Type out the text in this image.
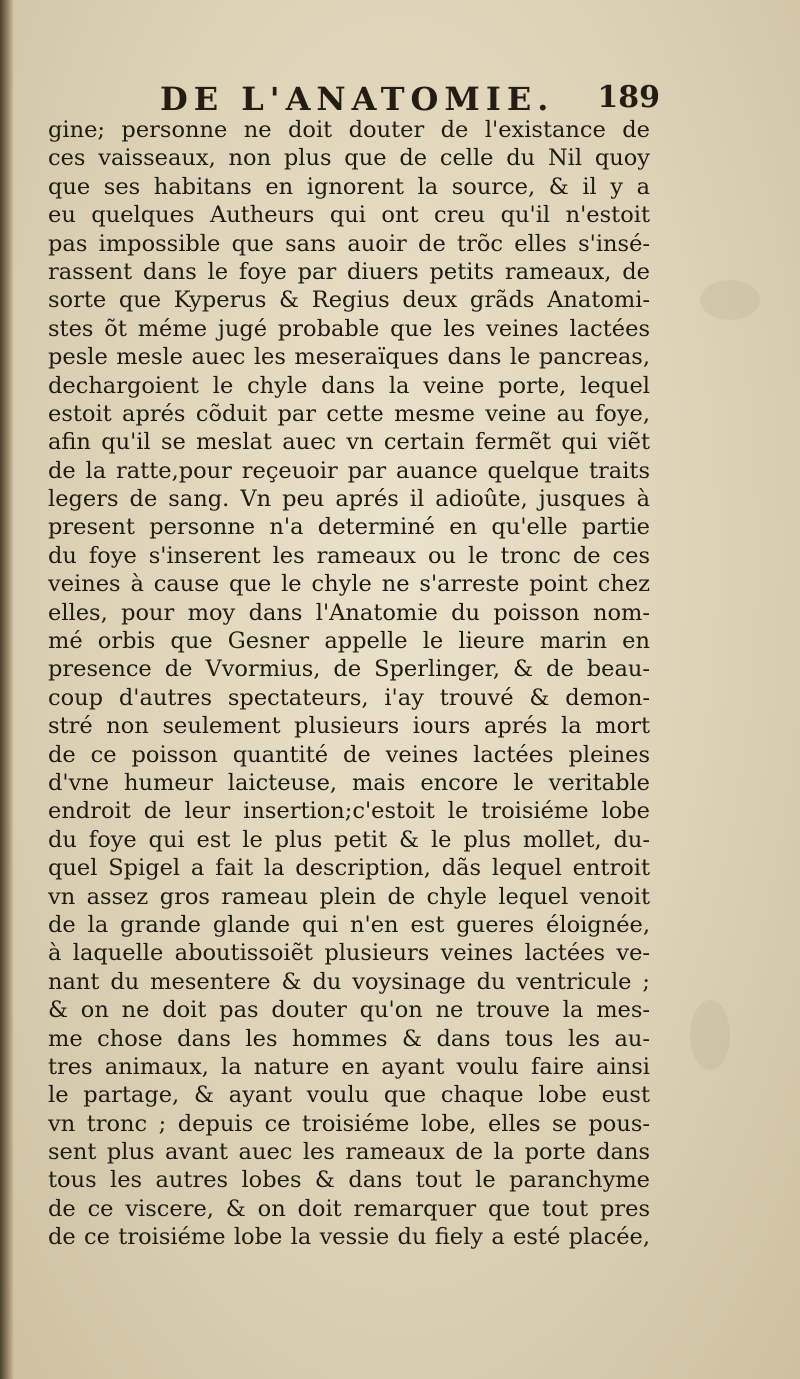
DE L'ANATOMIE. 189
gine; personne ne doit douter de l'existance de
ces vaisseaux, non plus que de celle du Nil quoy
que ses habitans en ignorent la source, & il y a
eu quelques Autheurs qui ont creu qu'il n'estoit
pas impossible que sans auoir de trõc elles s'insé-
rassent dans le foye par diuers petits rameaux, de
sorte que Kyperus & Regius deux grãds Anatomi-
stes õt méme jugé probable que les veines lactées
pesle mesle auec les meseraïques dans le pancreas,
dechargoient le chyle dans la veine porte, lequel
estoit aprés cõduit par cette mesme veine au foye,
afin qu'il se meslat auec vn certain fermẽt qui viẽt
de la ratte,pour reçeuoir par auance quelque traits
legers de sang. Vn peu aprés il adioûte, jusques à
present personne n'a determiné en qu'elle partie
du foye s'inserent les rameaux ou le tronc de ces
veines à cause que le chyle ne s'arreste point chez
elles, pour moy dans l'Anatomie du poisson nom-
mé orbis que Gesner appelle le lieure marin en
presence de Vvormius, de Sperlinger, & de beau-
coup d'autres spectateurs, i'ay trouvé & demon-
stré non seulement plusieurs iours aprés la mort
de ce poisson quantité de veines lactées pleines
d'vne humeur laicteuse, mais encore le veritable
endroit de leur insertion;c'estoit le troisiéme lobe
du foye qui est le plus petit & le plus mollet, du-
quel Spigel a fait la description, dãs lequel entroit
vn assez gros rameau plein de chyle lequel venoit
de la grande glande qui n'en est gueres éloignée,
à laquelle aboutissoiẽt plusieurs veines lactées ve-
nant du mesentere & du voysinage du ventricule ;
& on ne doit pas douter qu'on ne trouve la mes-
me chose dans les hommes & dans tous les au-
tres animaux, la nature en ayant voulu faire ainsi
le partage, & ayant voulu que chaque lobe eust
vn tronc ; depuis ce troisiéme lobe, elles se pous-
sent plus avant auec les rameaux de la porte dans
tous les autres lobes & dans tout le paranchyme
de ce viscere, & on doit remarquer que tout pres
de ce troisiéme lobe la vessie du fiely a esté placée,
